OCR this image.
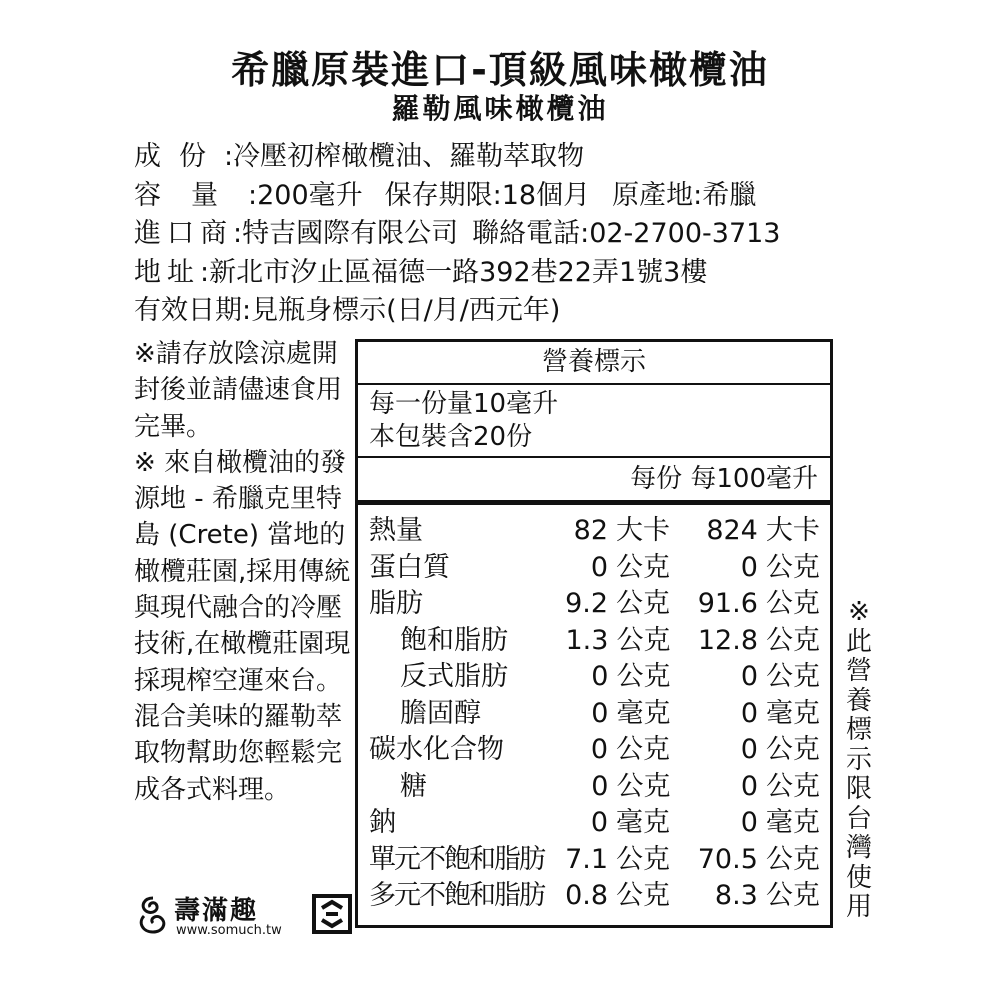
希臘原裝進口-頂級風味橄欖油
羅勒風味橄欖油
成份:冷壓初榨橄欖油、羅勒萃取物
容量:200毫升 保存期限:18個月 原產地:希臘
進口商:特吉國際有限公司 聯絡電話:02-2700-3713
地址:新北市汐止區福德一路392巷22弄1號3樓
有效日期:見瓶身標示(日/月/西元年)

※請存放陰涼處開封後並請儘速食用完畢。

※ 來自橄欖油的發源地 - 希臘克里特島 (Crete) 當地的橄欖莊園,採用傳統與現代融合的冷壓技術,在橄欖莊園現採現榨空運來台。混合美味的羅勒萃取物幫助您輕鬆完成各式料理。

壽滿趣
www.somuch.tw
營養標示
每一份量10毫升
本包裝含20份
每份 每100毫升
熱量	82 大卡	824 大卡
蛋白質	0 公克	0 公克
脂肪	9.2 公克	91.6 公克
飽和脂肪	1.3 公克	12.8 公克
反式脂肪	0 公克	0 公克
膽固醇	0 毫克	0 毫克
碳水化合物	0 公克	0 公克
糖	0 公克	0 公克
鈉	0 毫克	0 毫克
單元不飽和脂肪 7.1 公克	70.5 公克
多元不飽和脂肪 0.8 公克	8.3 公克
※此營養標示限台灣使用
